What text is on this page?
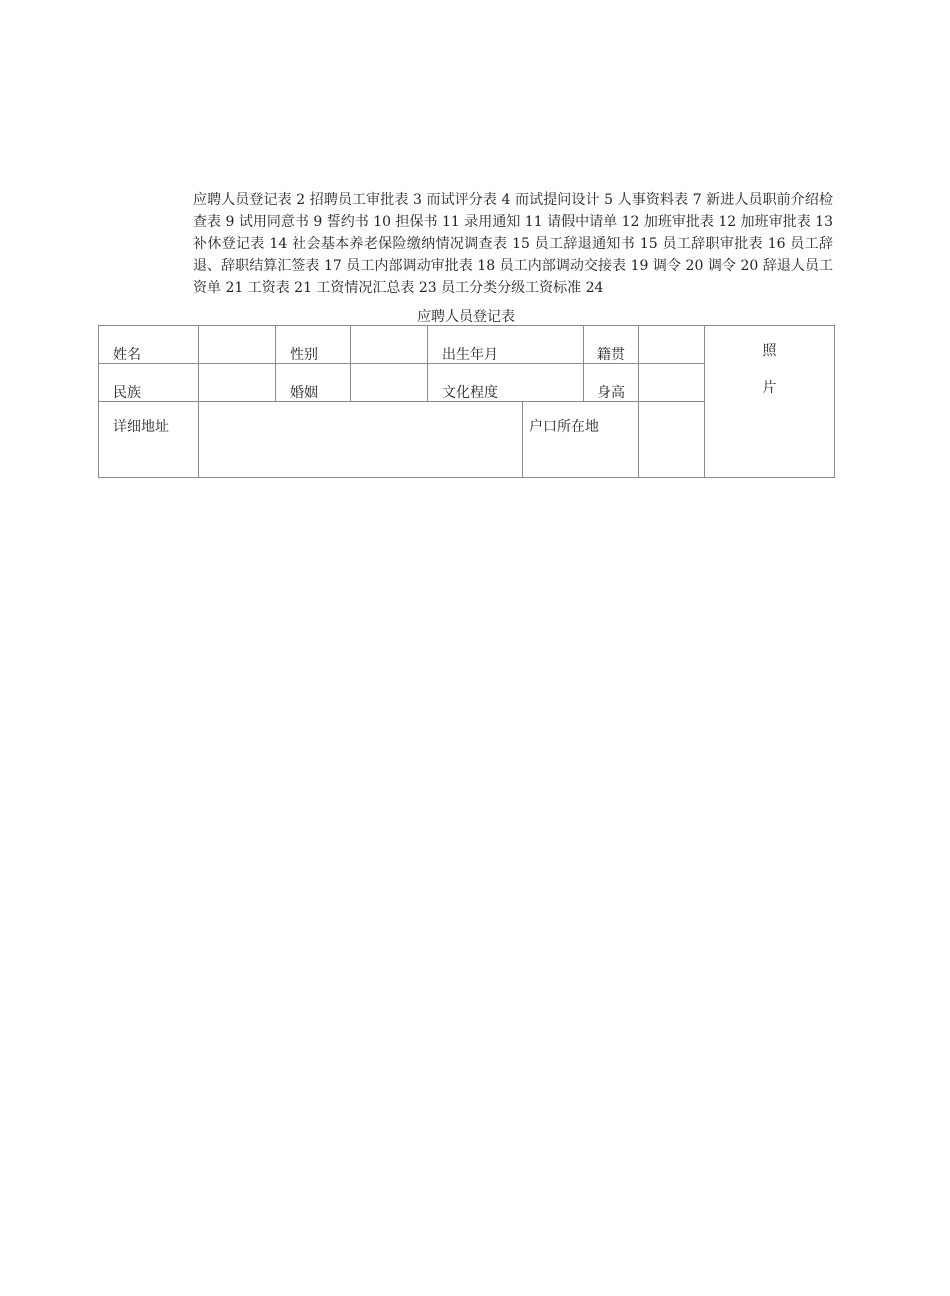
应聘人员登记表 2 招聘员工审批表 3 而试评分表 4 而试提问设计 5 人事资料表 7 新进人员职前介绍检查表 9 试用同意书 9 誓约书 10 担保书 11 录用通知 11 请假中请单 12 加班审批表 12 加班审批表 13 补休登记表 14 社会基本养老保险缴纳情况调查表 15 员工辞退通知书 15 员工辞职审批表 16 员工辞退、辞职结算汇签表 17 员工内部调动审批表 18 员工内部调动交接表 19 调令 20 调令 20 辞退人员工资单 21 工资表 21 工资情况汇总表 23 员工分类分级工资标准 24

应聘人员登记表
姓名		性别		出生年月		籍贯		照
片

民族		婚姻		文化程度		身高		

详细地址					户口所在地			
